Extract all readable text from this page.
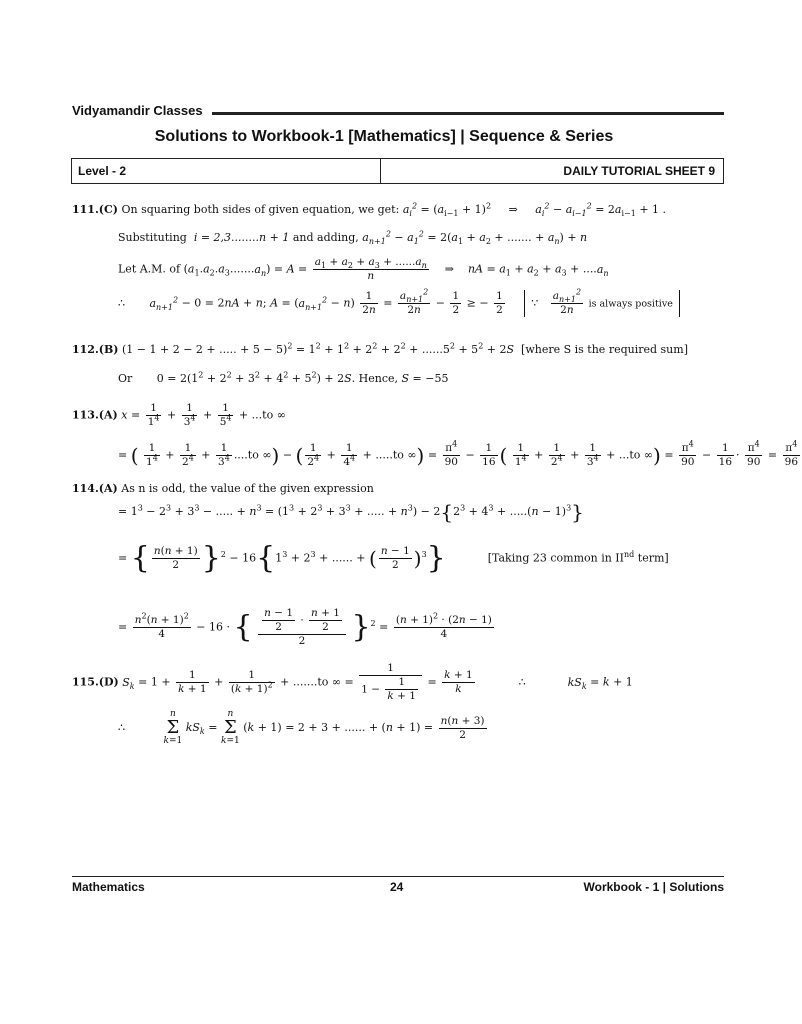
Vidyamandir Classes
Solutions to Workbook-1 [Mathematics] | Sequence & Series
Level - 2	DAILY TUTORIAL SHEET 9
111.(C) On squaring both sides of given equation, we get: $a_i^2 = (a_{i-1} + 1)^2$     ⇒     $a_i^2 - a_{i-1}^2 = 2a_{i-1} + 1$ .
Substituting i = 2,3........n + 1 and adding, $a_{n+1}^2 - a_1^2 = 2(a_1 + a_2$ + ....... + $a_n) + n$
Let A.M. of $(a_1.a_2.a_3.......a_n) = A = \frac{a_1 + a_2 + a_3 + ......a_n}{n}$ ⇒    nA = $a_1 + a_2 + a_3 + ....a_n$
∴       $a_{n+1}^2 - 0 = 2nA + n$; $A = (a_{n+1}^2 - n) \frac{1}{2n} = \frac{a_{n+1}^2}{2n} - \frac{1}{2}$ ≥ − $\frac{1}{2}$ ∵ $\frac{a_{n+1}^2}{2n}$ is always positive
112.(B) (1 − 1 + 2 − 2 + ..... + $5 - 5)^2 = 1^2 + 1^2 + 2^2 + 2^2 + ......5^2 + 5^2 + 2S$ [where S is the required sum]
Or       $0 = 2(1^2 + 2^2 + 3^2 + 4^2 + 5^2) + 2S$. Hence, S = −55
113.(A) $x = \frac{1}{1^4} + \frac{1}{3^4} + \frac{1}{5^4} + ...to$ ∞
= ( $\frac{1}{1^4} + \frac{1}{2^4} + \frac{1}{3^4} ....to$ ∞) − ( $\frac{1}{2^4} + \frac{1}{4^4} + .....to$ ∞) = $\frac{\pi^4}{90} - \frac{1}{16}$ ( $\frac{1}{1^4} + \frac{1}{2^4} + \frac{1}{3^4} + ...to$ ∞) = $\frac{\pi^4}{90} - \frac{1}{16} \cdot \frac{\pi^4}{90} = \frac{\pi^4}{96}$
114.(A) As n is odd, the value of the given expression
= $1^3 - 2^3 + 3^3$ − ..... + $n^3 = (1^3 + 2^3 + 3^3$ + ..... + $n^3) - 2\{2^3 + 4^3 + .....(n - 1)^3\}$
= { $\frac{n(n + 1)}{2} \}^2 - 16\{1^3 + 2^3$ + ...... + ( $\frac{n - 1}{2} )^3$}	[Taking 23 common in IInd term]
= $\frac{n^2(n + 1)^2}{4} - 16$ · { $\frac{\frac{n - 1}{2} \cdot \frac{n + 1}{2}}{2} \}^2 = \frac{(n + 1)^2 \cdot (2n - 1)}{4}$
115.(D) $S_k = 1 + \frac{1}{k + 1} + \frac{1}{(k + 1)^2} + .......to$ ∞ = $\frac{1}{1 - \frac{1}{k + 1}} = \frac{k + 1}{k}$ ∴            $kS_k = k + 1$
∴           n
Σ
k=1 $kS_k = n$
Σ
k=1 (k + 1) = 2 + 3 + ...... + $(n + 1) = \frac{n(n + 3)}{2}$
Mathematics	24	Workbook - 1 | Solutions
